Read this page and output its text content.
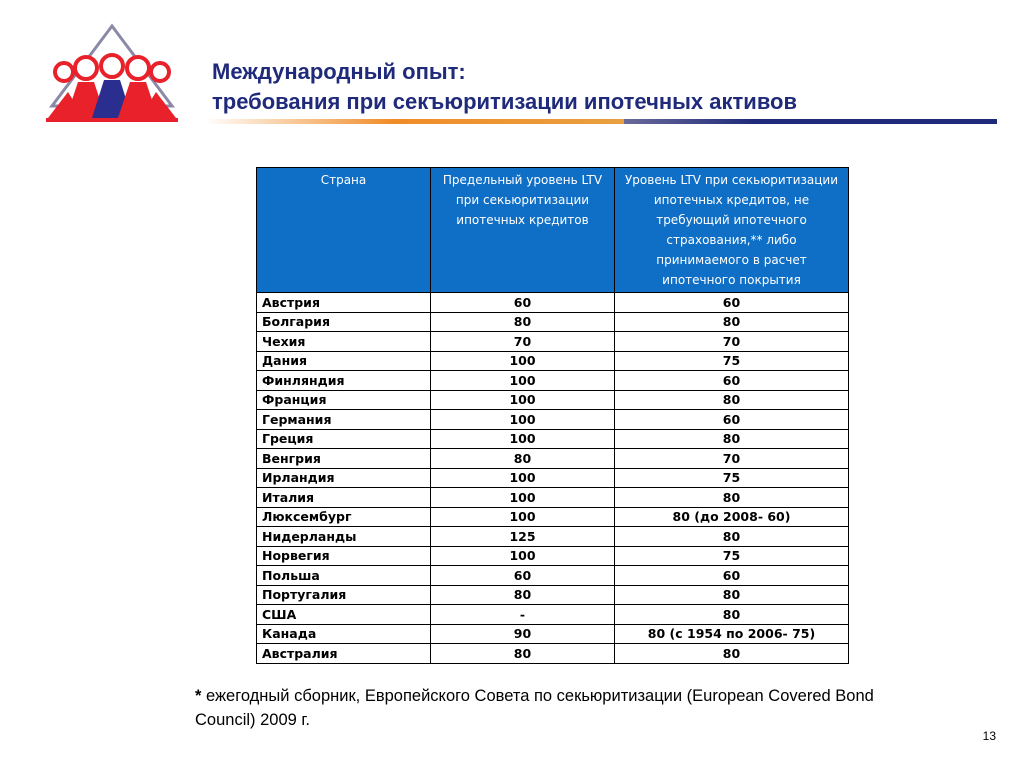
Международный опыт:
требования при секъюритизации ипотечных активов
Страна	Предельный уровень LTV при секьюритизации ипотечных кредитов	Уровень LTV при секьюритизации ипотечных кредитов, не требующий ипотечного страхования,** либо принимаемого в расчет ипотечного покрытия
Австрия	60	60
Болгария	80	80
Чехия	70	70
Дания	100	75
Финляндия	100	60
Франция	100	80
Германия	100	60
Греция	100	80
Венгрия	80	70
Ирландия	100	75
Италия	100	80
Люксембург	100	80 (до 2008- 60)
Нидерланды	125	80
Норвегия	100	75
Польша	60	60
Португалия	80	80
США	-	80
Канада	90	80 (с 1954 по 2006- 75)
Австралия	80	80
* ежегодный сборник, Европейского Совета по секьюритизации (European Covered Bond Council) 2009 г.
13
